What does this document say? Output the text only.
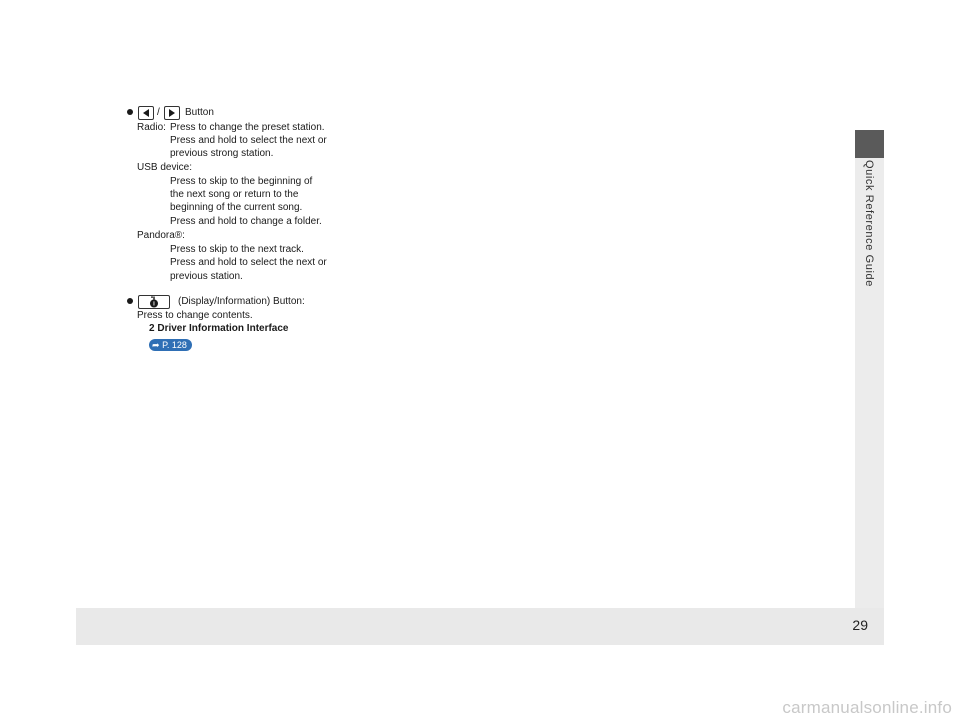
Quick Reference Guide
/	Button
Radio: Press to change the preset station.
Press and hold to select the next or
previous strong station.
USB device:
Press to skip to the beginning of
the next song or return to the
beginning of the current song.
Press and hold to change a folder.
Pandora®:
Press to skip to the next track.
Press and hold to select the next or
previous station.
i (Display/Information) Button:
Press to change contents.
2 Driver Information Interface
➦ P. 128
29
carmanualsonline.info
